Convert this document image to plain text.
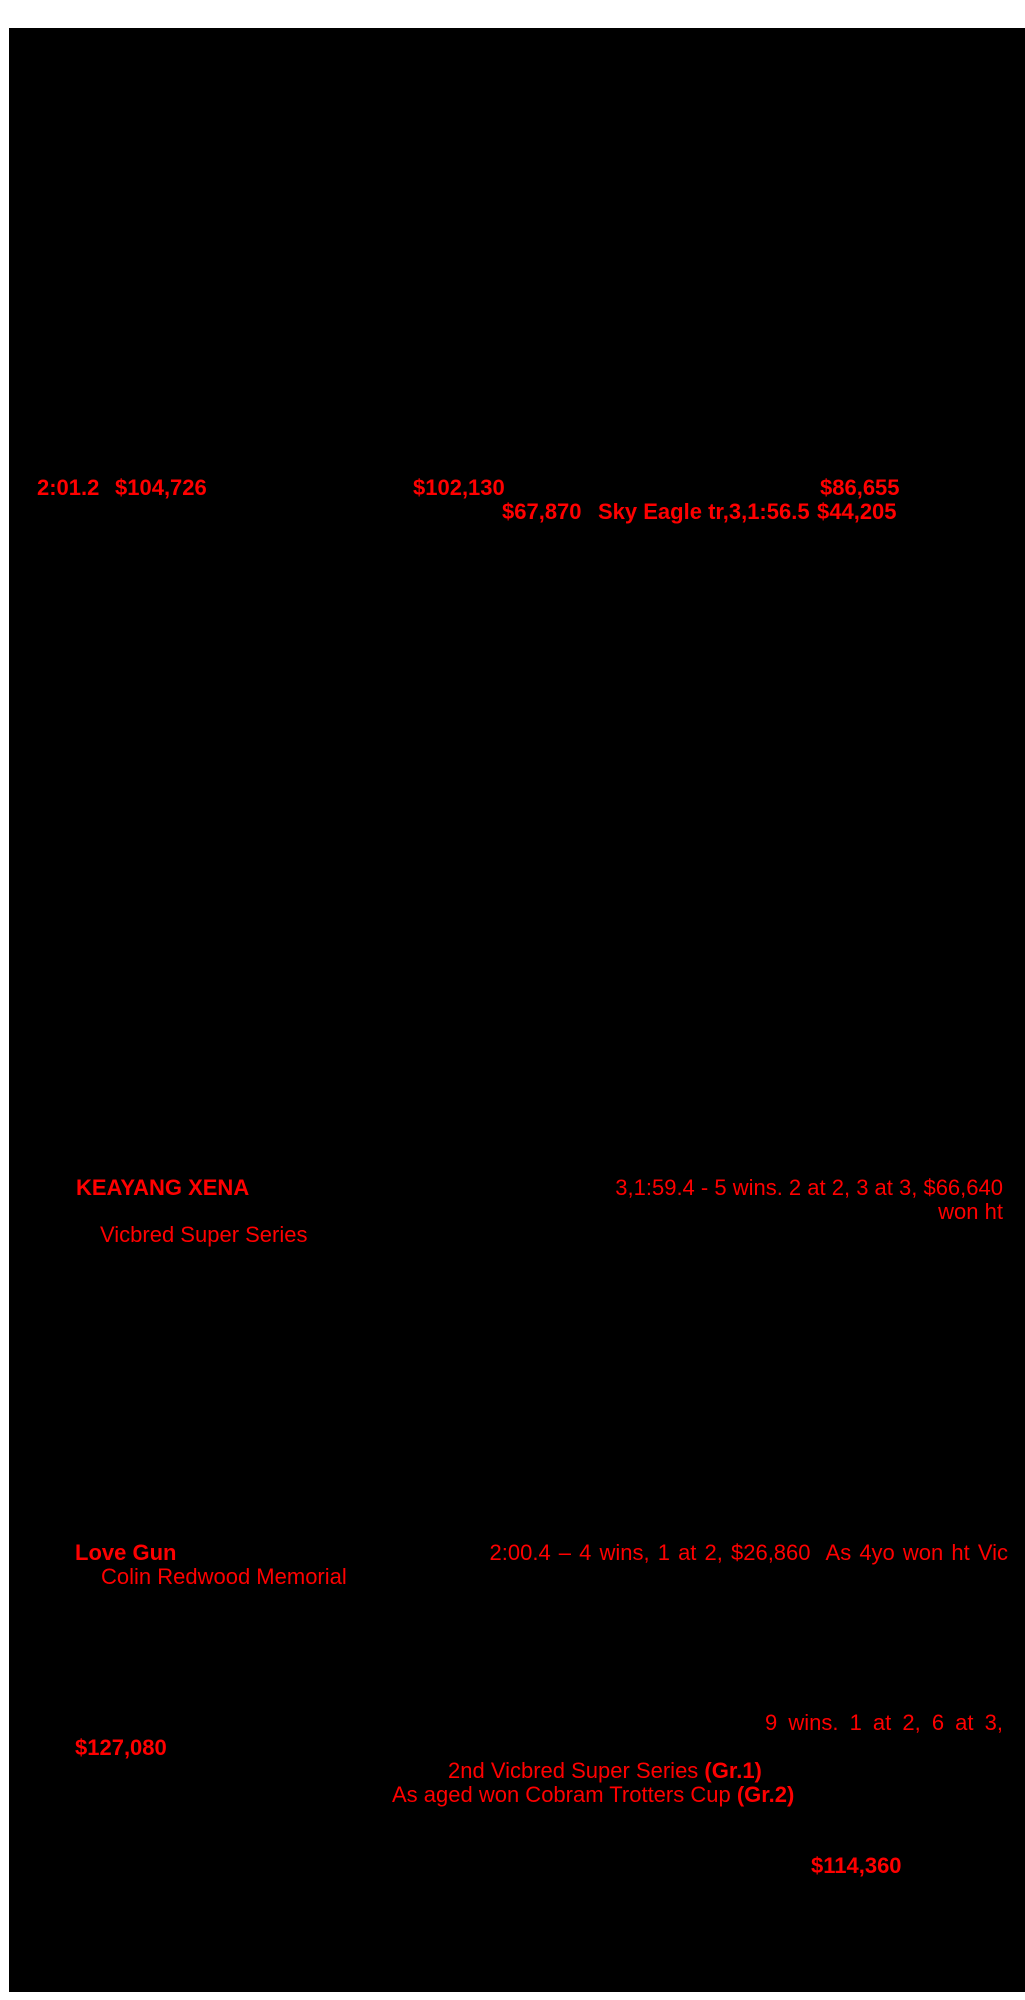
2:01.2 $104,726	$102,130	$86,655
$67,870 Sky Eagle tr,3,1:56.5 $44,205
KEAYANG XENA	3,1:59.4 - 5 wins. 2 at 2, 3 at 3, $66,640
won ht
Vicbred Super Series
Love Gun	2:00.4 – 4 wins, 1 at 2, $26,860  As 4yo won ht Vic
Colin Redwood Memorial
9 wins. 1 at 2, 6 at 3,
$127,080
2nd Vicbred Super Series (Gr.1)
As aged won Cobram Trotters Cup (Gr.2)
$114,360
